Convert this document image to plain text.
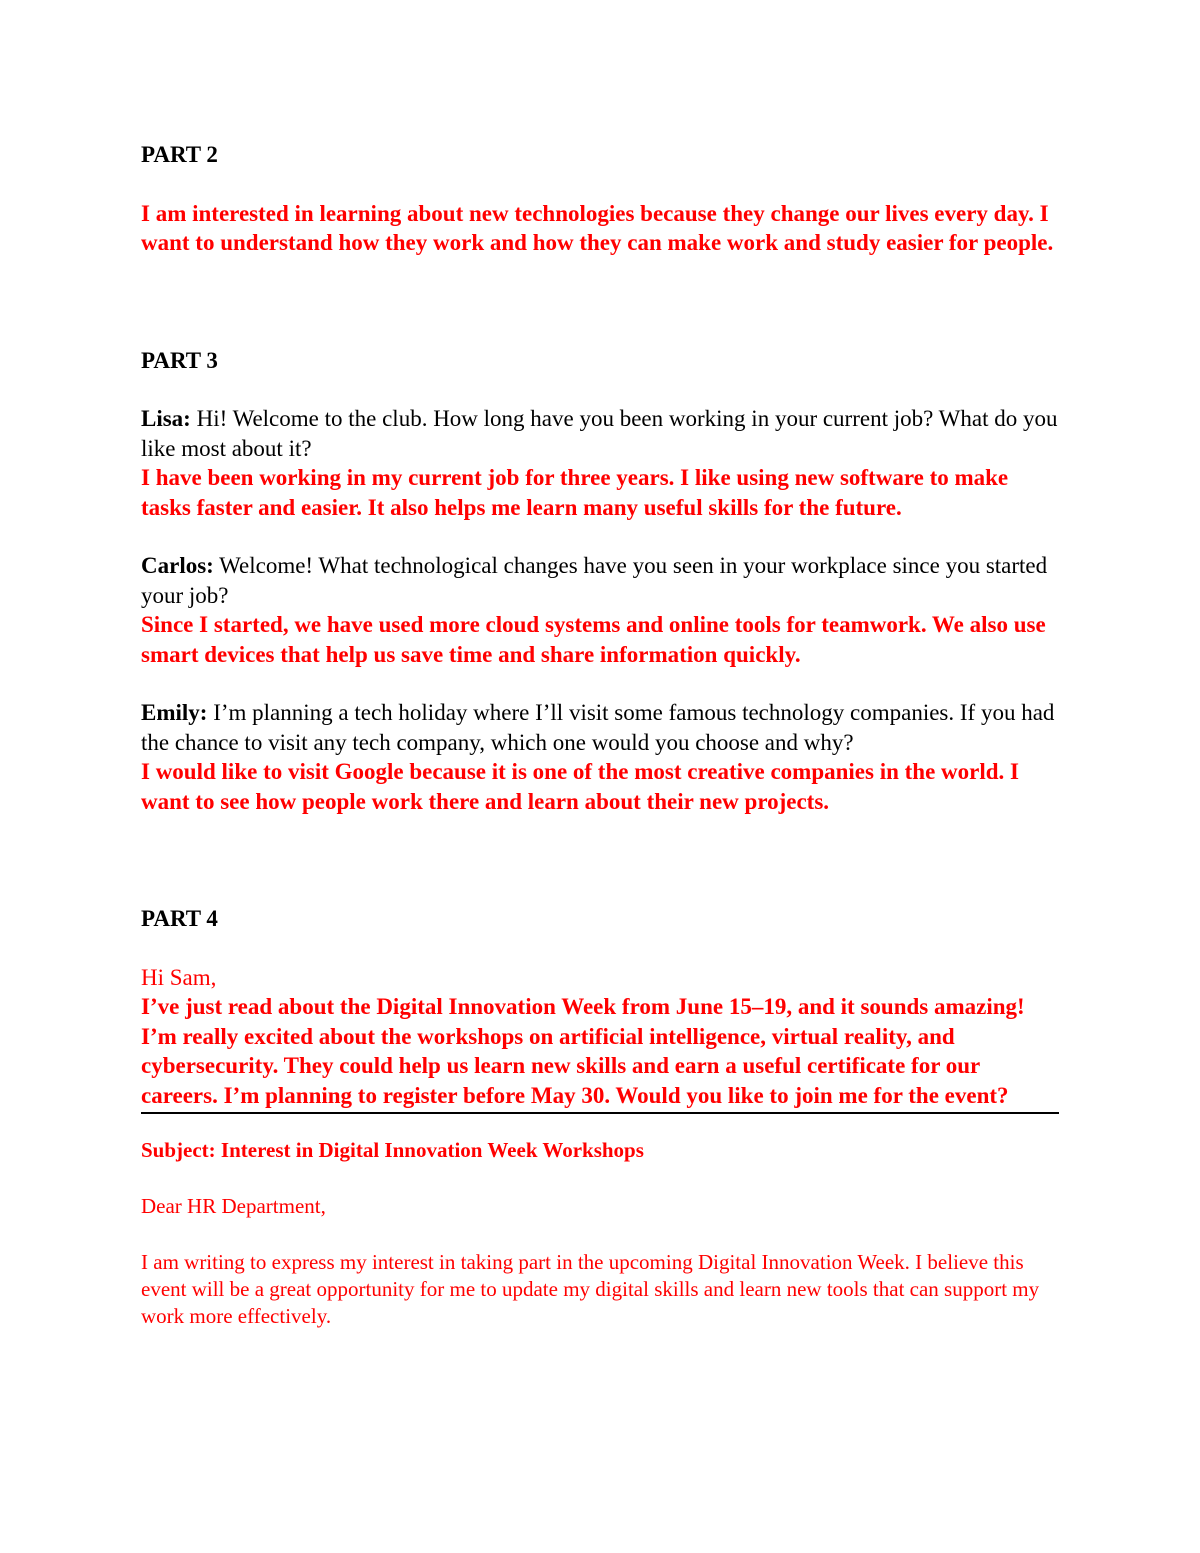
PART 2

I am interested in learning about new technologies because they change our lives every day. I want to understand how they work and how they can make work and study easier for people.

PART 3

Lisa: Hi! Welcome to the club. How long have you been working in your current job? What do you like most about it?

I have been working in my current job for three years. I like using new software to make tasks faster and easier. It also helps me learn many useful skills for the future.

Carlos: Welcome! What technological changes have you seen in your workplace since you started your job?

Since I started, we have used more cloud systems and online tools for teamwork. We also use smart devices that help us save time and share information quickly.

Emily: I’m planning a tech holiday where I’ll visit some famous technology companies. If you had the chance to visit any tech company, which one would you choose and why?

I would like to visit Google because it is one of the most creative companies in the world. I want to see how people work there and learn about their new projects.

PART 4

Hi Sam,

I’ve just read about the Digital Innovation Week from June 15–19, and it sounds amazing! I’m really excited about the workshops on artificial intelligence, virtual reality, and cybersecurity. They could help us learn new skills and earn a useful certificate for our careers. I’m planning to register before May 30. Would you like to join me for the event?

Subject: Interest in Digital Innovation Week Workshops

Dear HR Department,

I am writing to express my interest in taking part in the upcoming Digital Innovation Week. I believe this event will be a great opportunity for me to update my digital skills and learn new tools that can support my work more effectively.
